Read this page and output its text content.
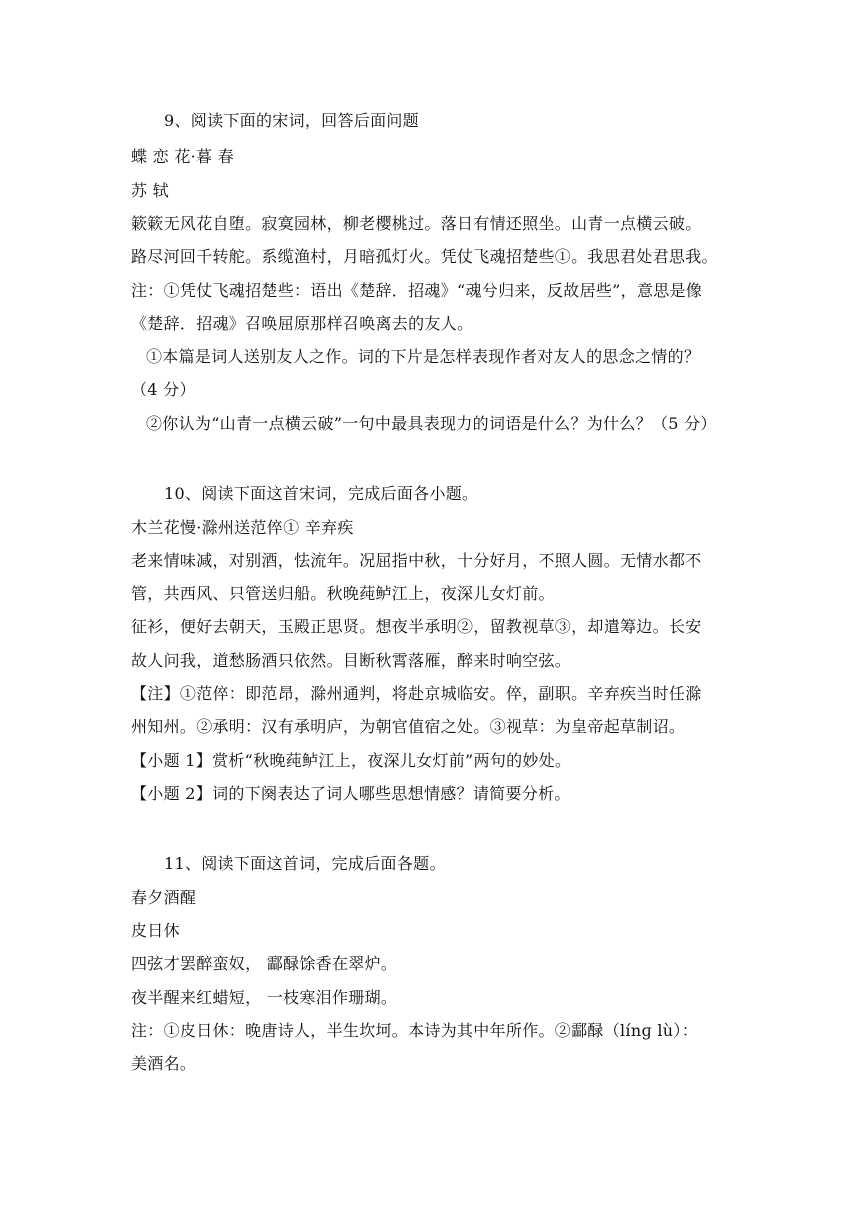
9、阅读下面的宋词，回答后面问题
蝶 恋 花·暮 春
苏 轼
簌簌无风花自堕。寂寞园林，柳老樱桃过。落日有情还照坐。山青一点横云破。
路尽河回千转舵。系缆渔村，月暗孤灯火。凭仗飞魂招楚些①。我思君处君思我。
注：①凭仗飞魂招楚些：语出《楚辞．招魂》“魂兮归来，反故居些”，意思是像
《楚辞．招魂》召唤屈原那样召唤离去的友人。
①本篇是词人送别友人之作。词的下片是怎样表现作者对友人的思念之情的？
（4 分）
②你认为“山青一点横云破”一句中最具表现力的词语是什么？为什么？（5 分）
10、阅读下面这首宋词，完成后面各小题。
木兰花慢·滁州送范倅① 辛弃疾
老来情味减，对别酒，怯流年。况屈指中秋，十分好月，不照人圆。无情水都不
管，共西风、只管送归船。秋晚莼鲈江上，夜深儿女灯前。
征衫，便好去朝天，玉殿正思贤。想夜半承明②，留教视草③，却遣筹边。长安
故人问我，道愁肠酒只依然。目断秋霄落雁，醉来时响空弦。
【注】①范倅：即范昂，滁州通判，将赴京城临安。倅，副职。辛弃疾当时任滁
州知州。②承明：汉有承明庐，为朝官值宿之处。③视草：为皇帝起草制诏。
【小题 1】赏析“秋晚莼鲈江上，夜深儿女灯前”两句的妙处。
【小题 2】词的下阕表达了词人哪些思想情感？请简要分析。
11、阅读下面这首词，完成后面各题。
春夕酒醒
皮日休
四弦才罢醉蛮奴， 酃醁馀香在翠炉。
夜半醒来红蜡短， 一枝寒泪作珊瑚。
注：①皮日休：晚唐诗人，半生坎坷。本诗为其中年所作。②酃醁（línɡ lù）：
美酒名。
